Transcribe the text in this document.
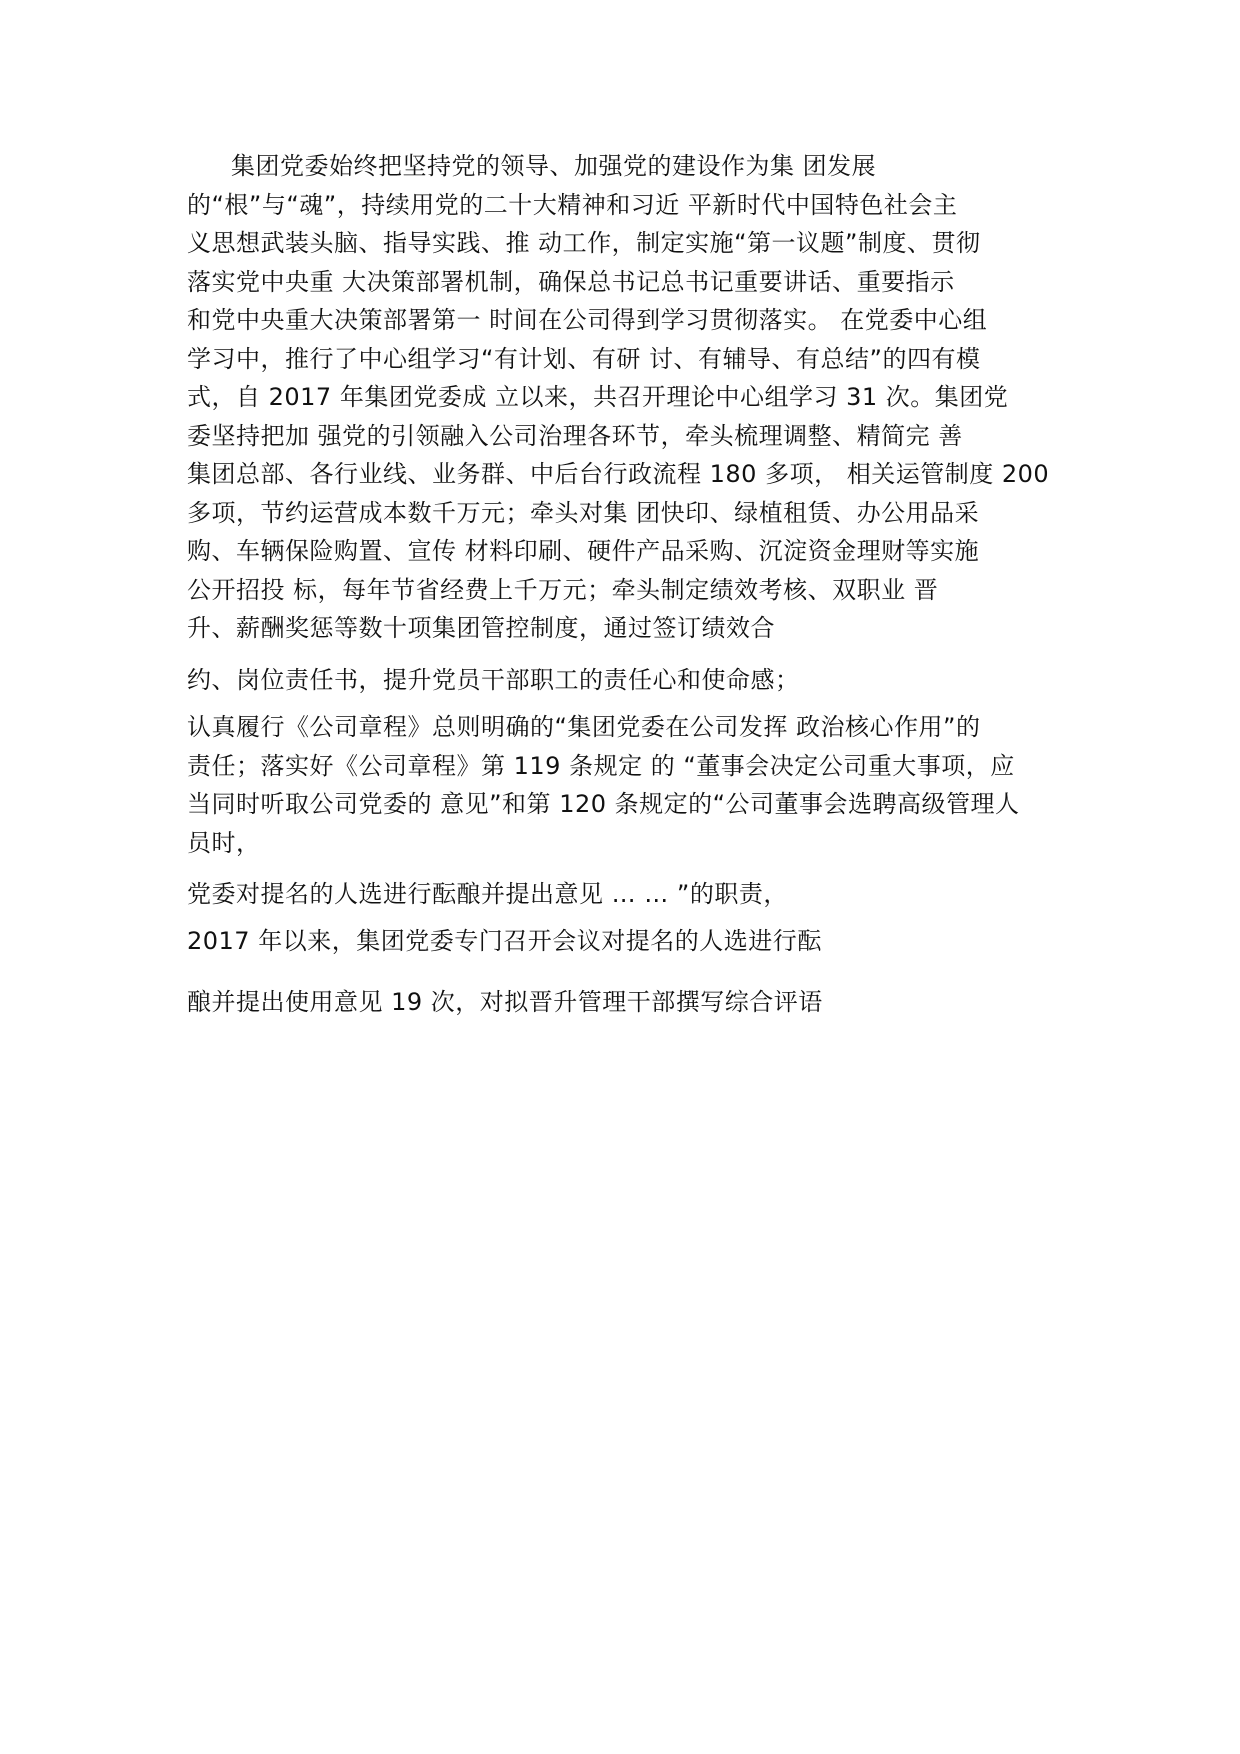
集团党委始终把坚持党的领导、加强党的建设作为集 团发展
的“根”与“魂”，持续用党的二十大精神和习近 平新时代中国特色社会主
义思想武装头脑、指导实践、推 动工作，制定实施“第一议题”制度、贯彻
落实党中央重 大决策部署机制，确保总书记总书记重要讲话、重要指示
和党中央重大决策部署第一 时间在公司得到学习贯彻落实。 在党委中心组
学习中，推行了中心组学习“有计划、有研 讨、有辅导、有总结”的四有模
式，自 2017 年集团党委成 立以来，共召开理论中心组学习 31 次。集团党
委坚持把加 强党的引领融入公司治理各环节，牵头梳理调整、精简完 善
集团总部、各行业线、业务群、中后台行政流程 180 多项， 相关运管制度 200
多项，节约运营成本数千万元；牵头对集 团快印、绿植租赁、办公用品采
购、车辆保险购置、宣传 材料印刷、硬件产品采购、沉淀资金理财等实施
公开招投 标，每年节省经费上千万元；牵头制定绩效考核、双职业 晋
升、薪酬奖惩等数十项集团管控制度，通过签订绩效合
约、岗位责任书，提升党员干部职工的责任心和使命感；
认真履行《公司章程》总则明确的“集团党委在公司发挥 政治核心作用”的
责任；落实好《公司章程》第 119 条规定 的 “董事会决定公司重大事项，应
当同时听取公司党委的 意见”和第 120 条规定的“公司董事会选聘高级管理人
员时，
党委对提名的人选进行酝酿并提出意见 … … ”的职责，
2017 年以来，集团党委专门召开会议对提名的人选进行酝
酿并提出使用意见 19 次，对拟晋升管理干部撰写综合评语
